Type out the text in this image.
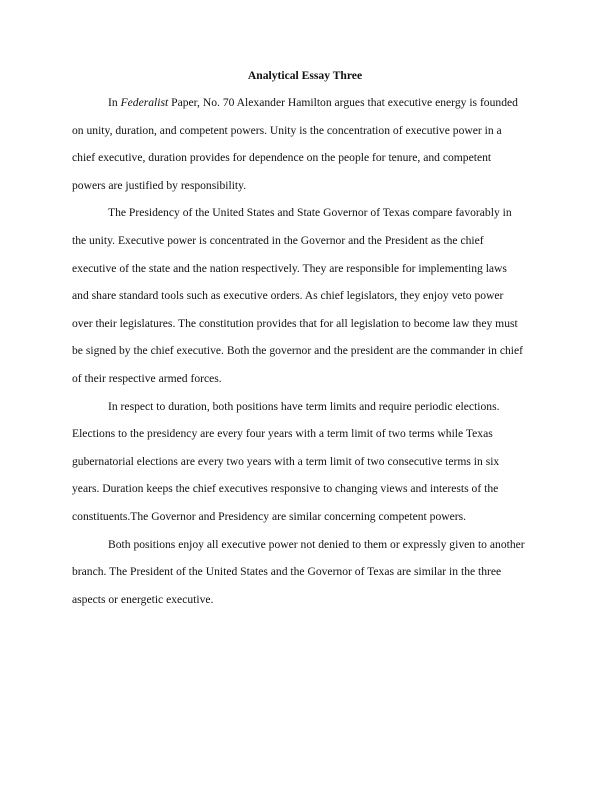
Analytical Essay Three
In Federalist Paper, No. 70 Alexander Hamilton argues that executive energy is founded
on unity, duration, and competent powers. Unity is the concentration of executive power in a
chief executive, duration provides for dependence on the people for tenure, and competent
powers are justified by responsibility.
The Presidency of the United States and State Governor of Texas compare favorably in
the unity. Executive power is concentrated in the Governor and the President as the chief
executive of the state and the nation respectively. They are responsible for implementing laws
and share standard tools such as executive orders. As chief legislators, they enjoy veto power
over their legislatures. The constitution provides that for all legislation to become law they must
be signed by the chief executive. Both the governor and the president are the commander in chief
of their respective armed forces.
In respect to duration, both positions have term limits and require periodic elections.
Elections to the presidency are every four years with a term limit of two terms while Texas
gubernatorial elections are every two years with a term limit of two consecutive terms in six
years. Duration keeps the chief executives responsive to changing views and interests of the
constituents.The Governor and Presidency are similar concerning competent powers.
Both positions enjoy all executive power not denied to them or expressly given to another
branch. The President of the United States and the Governor of Texas are similar in the three
aspects or energetic executive.
